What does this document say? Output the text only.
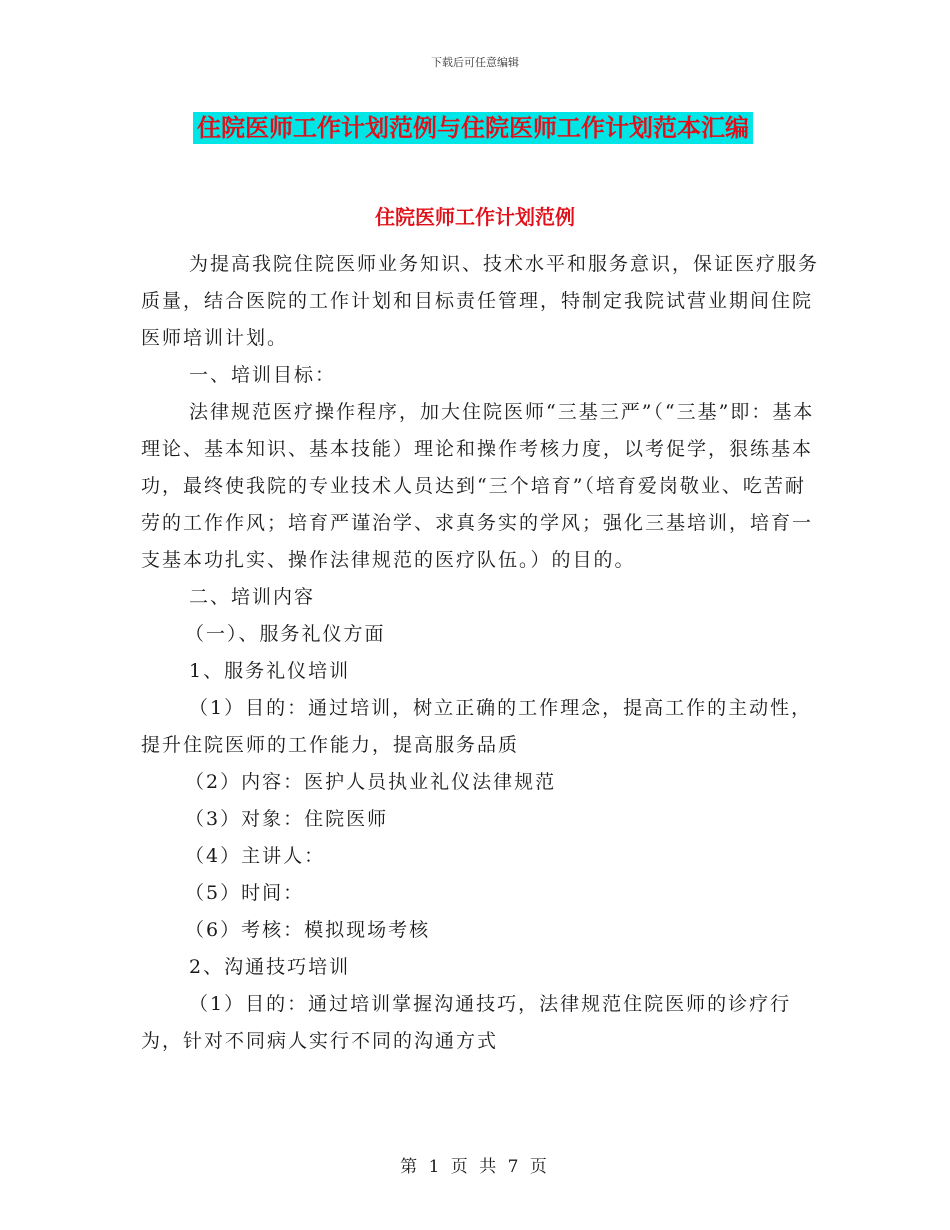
下载后可任意编辑
住院医师工作计划范例与住院医师工作计划范本汇编
住院医师工作计划范例

为提高我院住院医师业务知识、技术水平和服务意识，保证医疗服务质量，结合医院的工作计划和目标责任管理，特制定我院试营业期间住院医师培训计划。

一、培训目标：

法律规范医疗操作程序，加大住院医师“三基三严”（“三基”即：基本理论、基本知识、基本技能）理论和操作考核力度，以考促学，狠练基本功，最终使我院的专业技术人员达到“三个培育”（培育爱岗敬业、吃苦耐劳的工作作风；培育严谨治学、求真务实的学风；强化三基培训，培育一支基本功扎实、操作法律规范的医疗队伍。）的目的。

二、培训内容

（一）、服务礼仪方面

1、服务礼仪培训

（1）目的：通过培训，树立正确的工作理念，提高工作的主动性，提升住院医师的工作能力，提高服务品质

（2）内容：医护人员执业礼仪法律规范

（3）对象：住院医师

（4）主讲人：

（5）时间：

（6）考核：模拟现场考核

2、沟通技巧培训

（1）目的：通过培训掌握沟通技巧，法律规范住院医师的诊疗行为，针对不同病人实行不同的沟通方式

第 1 页 共 7 页
